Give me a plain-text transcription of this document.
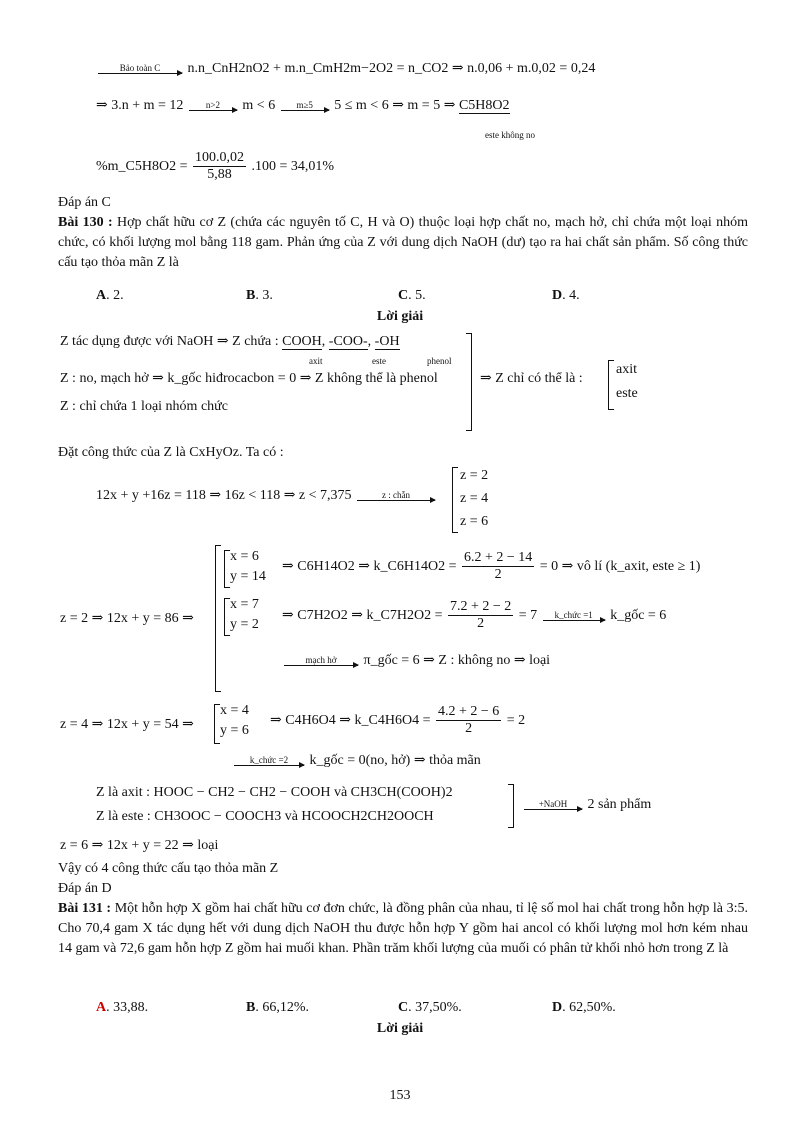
Bảo toàn C	n.n_CnH2nO2 + m.n_CmH2m−2O2 = n_CO2 ⇒ n.0,06 + m.0,02 = 0,24
⇒ 3.n + m = 12	n>2	m < 6	m≥5	5 ≤ m < 6 ⇒ m = 5 ⇒ C5H8O2
este không no
%m_C5H8O2 = $\frac{100.0,02}{5,88} .100 = 34,01\%$
Đáp án C
Bài 130 : Hợp chất hữu cơ Z (chứa các nguyên tố C, H và O) thuộc loại hợp chất no, mạch hở, chỉ chứa một loại nhóm chức, có khối lượng mol bằng 118 gam. Phản ứng của Z với dung dịch NaOH (dư) tạo ra hai chất sản phẩm. Số công thức cấu tạo thỏa mãn Z là
A. 2.	B. 3.	C. 5.	D. 4.
Lời giải
Z tác dụng được với NaOH ⇒ Z chứa : COOH, -COO-, -OH
axit	este	phenol
Z : no, mạch hở ⇒ k_gốc hiđrocacbon = 0 ⇒ Z không thể là phenol
Z : chỉ chứa 1 loại nhóm chức
⇒ Z chỉ có thể là :
axit
este
Đặt công thức của Z là CxHyOz. Ta có :
12x + y +16z = 118 ⇒ 16z < 118 ⇒ z < 7,375	z : chẵn
z = 2
z = 4
z = 6
z = 2 ⇒ 12x + y = 86 ⇒
x = 6
y = 14
⇒ C6H14O2 ⇒ k_C6H14O2 = $\frac{6.2 + 2 - 14}{2} = 0$ ⇒ vô lí (k_axit, este ≥ 1)
x = 7
y = 2
⇒ C7H2O2 ⇒ k_C7H2O2 = $\frac{7.2 + 2 - 2}{2} = 7$	k_chức =1	k_gốc = 6
mạch hở	π_gốc = 6 ⇒ Z : không no ⇒ loại
z = 4 ⇒ 12x + y = 54 ⇒
x = 4
y = 6
⇒ C4H6O4 ⇒ k_C4H6O4 = $\frac{4.2 + 2 - 6}{2} = 2$
k_chức =2	k_gốc = 0(no, hở) ⇒ thỏa mãn
Z là axit : HOOC − CH2 − CH2 − COOH và CH3CH(COOH)2
Z là este : CH3OOC − COOCH3 và HCOOCH2CH2OOCH
+NaOH	2 sản phẩm
z = 6 ⇒ 12x + y = 22 ⇒ loại
Vậy có 4 công thức cấu tạo thỏa mãn Z
Đáp án D
Bài 131 : Một hỗn hợp X gồm hai chất hữu cơ đơn chức, là đồng phân của nhau, tỉ lệ số mol hai chất trong hỗn hợp là 3:5. Cho 70,4 gam X tác dụng hết với dung dịch NaOH thu được hỗn hợp Y gồm hai ancol có khối lượng mol hơn kém nhau 14 gam và 72,6 gam hỗn hợp Z gồm hai muối khan. Phần trăm khối lượng của muối có phân tử khối nhỏ hơn trong Z là
A. 33,88.	B. 66,12%.	C. 37,50%.	D. 62,50%.
Lời giải
153
